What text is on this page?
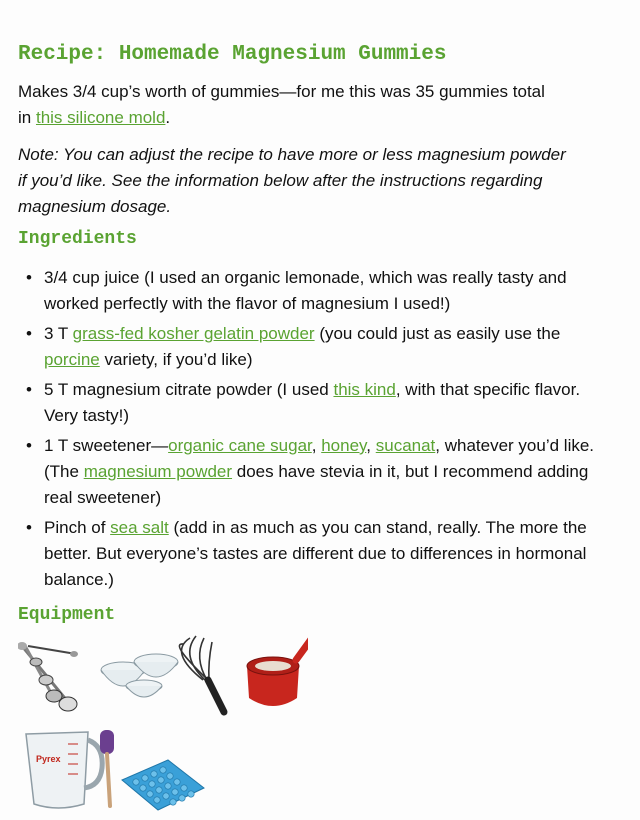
Recipe: Homemade Magnesium Gummies

Makes 3/4 cup’s worth of gummies—for me this was 35 gummies total in this silicone mold.

Note: You can adjust the recipe to have more or less magnesium powder if you’d like. See the information below after the instructions regarding magnesium dosage.

Ingredients
• 3/4 cup juice (I used an organic lemonade, which was really tasty and worked perfectly with the flavor of magnesium I used!)
• 3 T grass-fed kosher gelatin powder (you could just as easily use the porcine variety, if you’d like)
• 5 T magnesium citrate powder (I used this kind, with that specific flavor. Very tasty!)
• 1 T sweetener—organic cane sugar, honey, sucanat, whatever you’d like. (The magnesium powder does have stevia in it, but I recommend adding real sweetener)
• Pinch of sea salt (add in as much as you can stand, really. The more the better. But everyone’s tastes are different due to differences in hormonal balance.)
Equipment
Pyrex
